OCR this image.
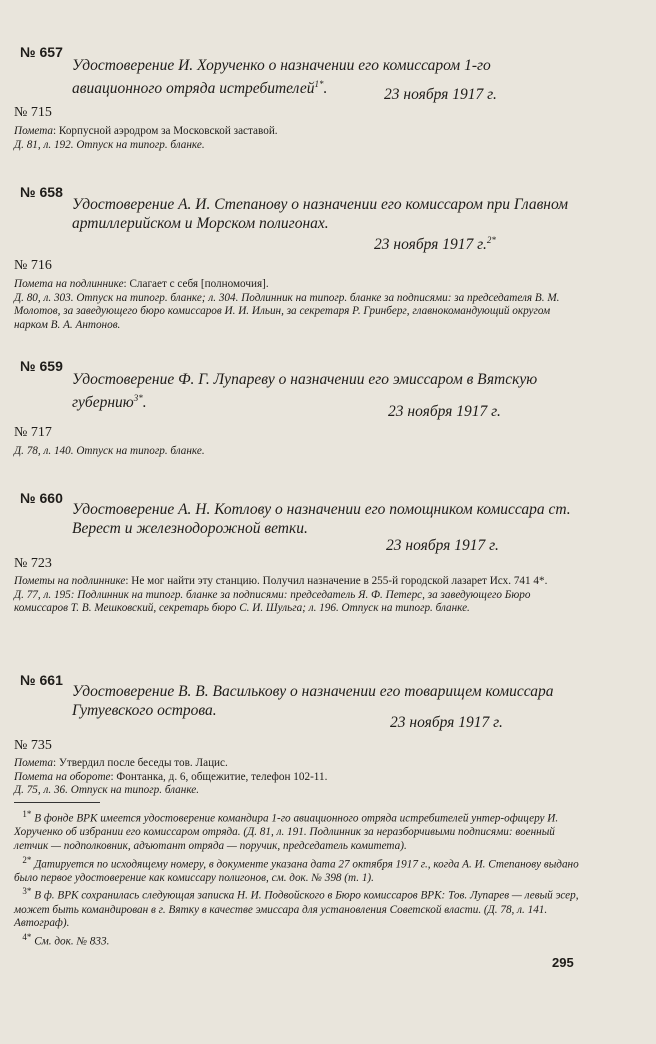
№ 657
Удостоверение И. Хорученко о назначении его комиссаром 1-го авиационного отряда истребителей$^{1*}$.	23 ноября 1917 г.
№ 715
Помета: Корпусной аэродром за Московской заставой.
Д. 81, л. 192. Отпуск на типогр. бланке.
№ 658
Удостоверение А. И. Степанову о назначении его комиссаром при Главном артиллерийском и Морском полигонах.
23 ноября 1917 г.$^{2*}$
№ 716
Помета на подлиннике: Слагает с себя [полномочия].
Д. 80, л. 303. Отпуск на типогр. бланке; л. 304. Подлинник на типогр. бланке за подписями: за председателя В. М. Молотов, за заведующего бюро комиссаров И. И. Ильин, за секретаря Р. Гринберг, главнокомандующий округом нарком В. А. Антонов.
№ 659
Удостоверение Ф. Г. Лупареву о назначении его эмиссаром в Вятскую губернию$^{3*}$.
23 ноября 1917 г.
№ 717
Д. 78, л. 140. Отпуск на типогр. бланке.
№ 660
Удостоверение А. Н. Котлову о назначении его помощником комиссара ст. Верест и железнодорожной ветки.
23 ноября 1917 г.
№ 723
Пометы на подлиннике: Не мог найти эту станцию. Получил назначение в 255-й городской лазарет Исх. 741 4*.
Д. 77, л. 195: Подлинник на типогр. бланке за подписями: председатель Я. Ф. Петерс, за заведующего Бюро комиссаров Т. В. Мешковский, секретарь бюро С. И. Шульга; л. 196. Отпуск на типогр. бланке.
№ 661
Удостоверение В. В. Василькову о назначении его товарищем комиссара Гутуевского острова.
23 ноября 1917 г.
№ 735
Помета: Утвердил после беседы тов. Лацис.
Помета на обороте: Фонтанка, д. 6, общежитие, телефон 102-11.
Д. 75, л. 36. Отпуск на типогр. бланке.
$^{1*}$ В фонде ВРК имеется удостоверение командира 1-го авиационного отряда истребителей унтер-офицеру И. Хорученко об избрании его комиссаром отряда. (Д. 81, л. 191. Подлинник за неразборчивыми подписями: военный летчик — подполковник, адъютант отряда — поручик, председатель комитета).
$^{2*}$ Датируется по исходящему номеру, в документе указана дата 27 октября 1917 г., когда А. И. Степанову выдано было первое удостоверение как комиссару полигонов, см. док. № 398 (т. 1).
$^{3*}$ В ф. ВРК сохранилась следующая записка Н. И. Подвойского в Бюро комиссаров ВРК: Тов. Лупарев — левый эсер, может быть командирован в г. Вятку в качестве эмиссара для установления Советской власти. (Д. 78, л. 141. Автограф).
$^{4*}$ См. док. № 833.
295
